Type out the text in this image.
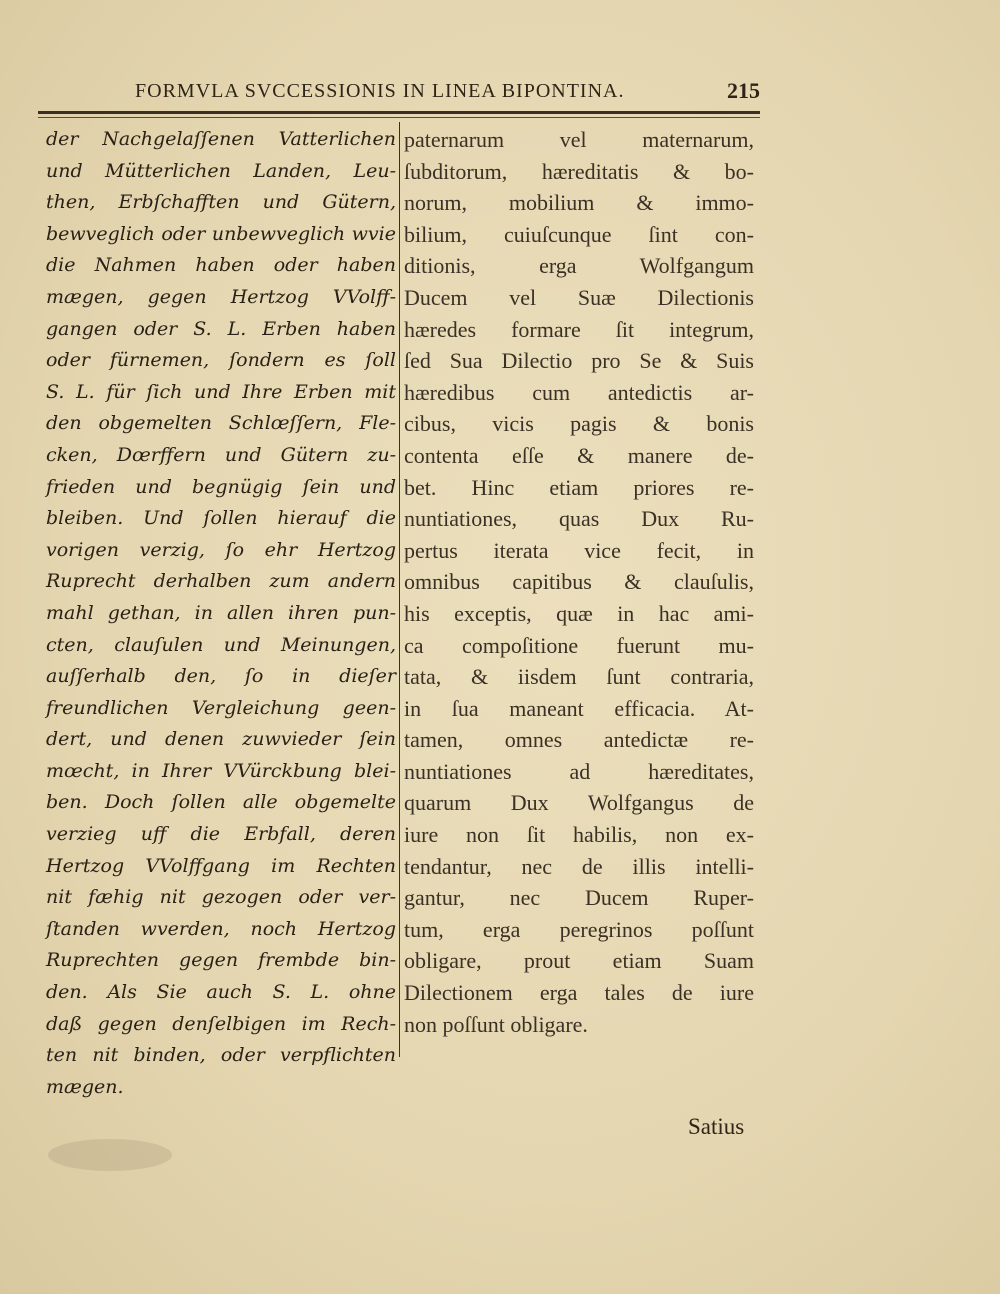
FORMVLA SVCCESSIONIS IN LINEA BIPONTINA.	215
der Nachgelaſſenen Vatterlichen
und Mütterlichen Landen, Leu-
then, Erbſchafften und Gütern,
bewveglich oder unbewveglich wvie
die Nahmen haben oder haben
mægen, gegen Hertzog VVolff-
gangen oder S. L. Erben haben
oder fürnemen, ſondern es ſoll
S. L. für ſich und Ihre Erben mit
den obgemelten Schlœſſern, Fle-
cken, Dœrffern und Gütern zu-
frieden und begnügig ſein und
bleiben. Und ſollen hierauf die
vorigen verzig, ſo ehr Hertzog
Ruprecht derhalben zum andern
mahl gethan, in allen ihren pun-
cten, clauſulen und Meinungen,
auſſerhalb den, ſo in dieſer
freundlichen Vergleichung geen-
dert, und denen zuwvieder ſein
mœcht, in Ihrer VVürckbung blei-
ben. Doch ſollen alle obgemelte
verzieg uff die Erbfall, deren
Hertzog VVolffgang im Rechten
nit fæhig nit gezogen oder ver-
ſtanden wverden, noch Hertzog
Ruprechten gegen frembde bin-
den. Als Sie auch S. L. ohne
daß gegen denſelbigen im Rech-
ten nit binden, oder verpflichten
mægen.
paternarum vel maternarum,
ſubditorum, hæreditatis & bo-
norum, mobilium & immo-
bilium, cuiuſcunque ſint con-
ditionis, erga Wolfgangum
Ducem vel Suæ Dilectionis
hæredes formare ſit integrum,
ſed Sua Dilectio pro Se & Suis
hæredibus cum antedictis ar-
cibus, vicis pagis & bonis
contenta eſſe & manere de-
bet. Hinc etiam priores re-
nuntiationes, quas Dux Ru-
pertus iterata vice fecit, in
omnibus capitibus & clauſulis,
his exceptis, quæ in hac ami-
ca compoſitione fuerunt mu-
tata, & iisdem ſunt contraria,
in ſua maneant efficacia. At-
tamen, omnes antedictæ re-
nuntiationes ad hæreditates,
quarum Dux Wolfgangus de
iure non ſit habilis, non ex-
tendantur, nec de illis intelli-
gantur, nec Ducem Ruper-
tum, erga peregrinos poſſunt
obligare, prout etiam Suam
Dilectionem erga tales de iure
non poſſunt obligare.
Satius
